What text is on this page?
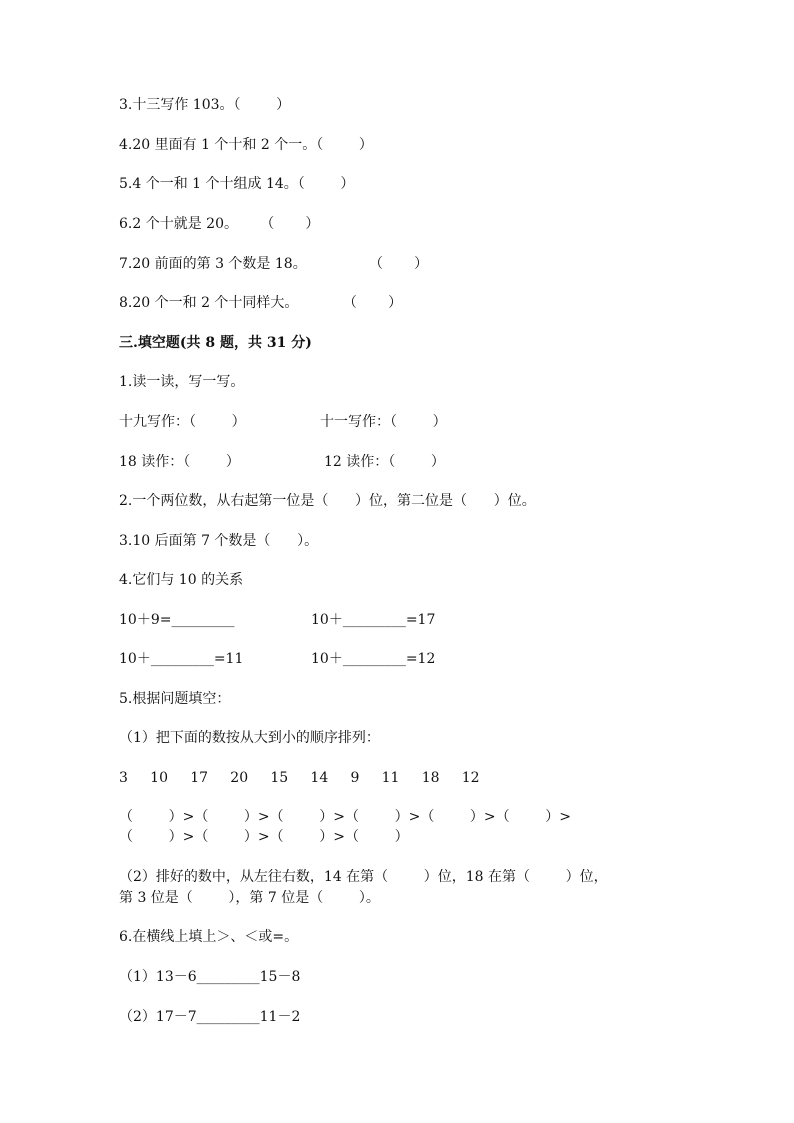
3.十三写作 103。（        ）
4.20 里面有 1 个十和 2 个一。（        ）
5.4 个一和 1 个十组成 14。（        ）
6.2 个十就是 20。     （       ）
7.20 前面的第 3 个数是 18。              （       ）
8.20 个一和 2 个十同样大。          （       ）
三.填空题(共 8 题，共 31 分)
1.读一读，写一写。
十九写作：（        ）	十一写作：（        ）
18 读作：（        ）	12 读作：（        ）
2.一个两位数，从右起第一位是（      ）位，第二位是（      ）位。
3.10 后面第 7 个数是（      ）。
4.它们与 10 的关系
10＋9=_________	10＋_________=17
10＋_________=11	10＋_________=12
5.根据问题填空：
（1）把下面的数按从大到小的顺序排列：
3     10     17     20     15     14     9     11     18     12
（        ）>（        ）>（        ）>（        ）>（        ）>（        ）>
（        ）>（        ）>（        ）>（        ）
（2）排好的数中，从左往右数，14 在第（        ）位，18 在第（        ）位，
第 3 位是（        ），第 7 位是（        ）。
6.在横线上填上＞、＜或=。
（1）13－6_________15－8
（2）17－7_________11－2
